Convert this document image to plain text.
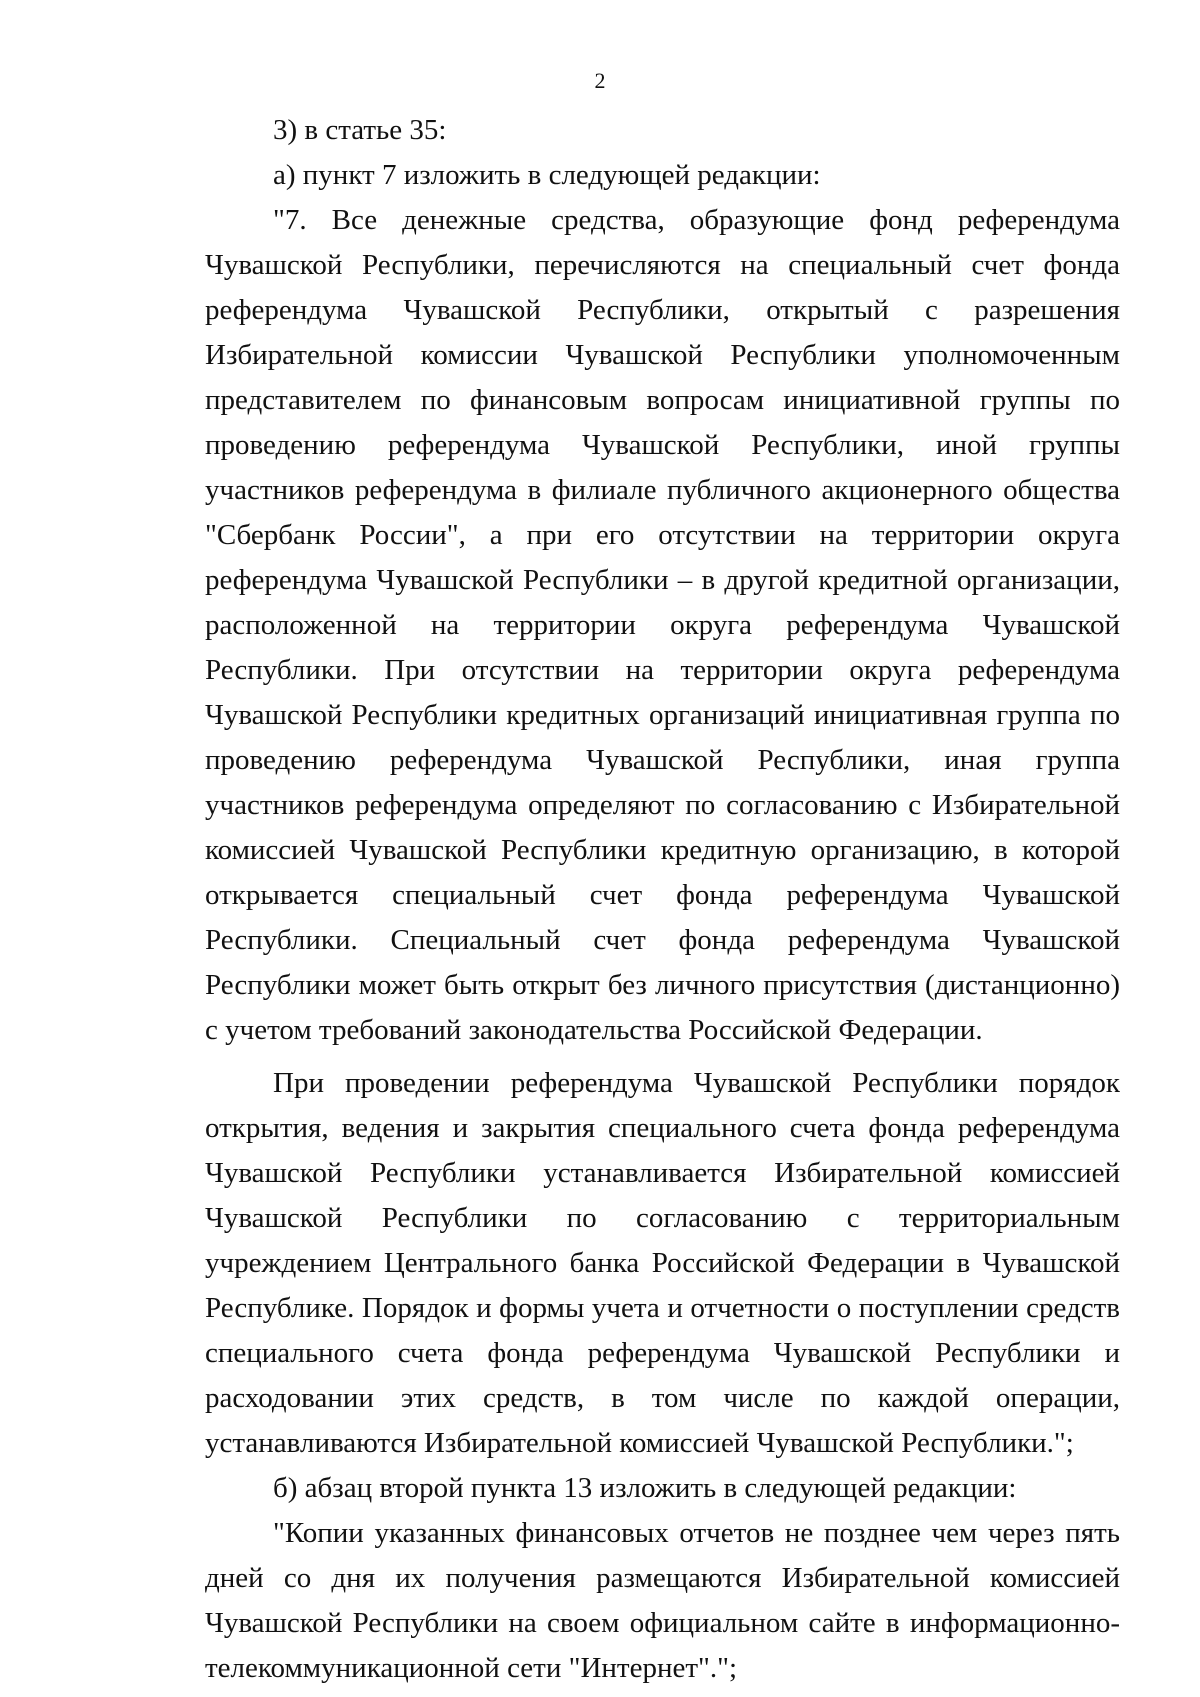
2

3) в статье 35:

а) пункт 7 изложить в следующей редакции:

"7. Все денежные средства, образующие фонд референдума Чувашской Республики, перечисляются на специальный счет фонда референдума Чувашской Республики, открытый с разрешения Избирательной комиссии Чувашской Республики уполномоченным представителем по финансовым вопросам инициативной группы по проведению референдума Чувашской Республики, иной группы участников референдума в филиале публичного акционерного общества "Сбербанк России", а при его отсутствии на территории округа референдума Чувашской Республики – в другой кредитной организации, расположенной на территории округа референдума Чувашской Республики. При отсутствии на территории округа референдума Чувашской Республики кредитных организаций инициативная группа по проведению референдума Чувашской Республики, иная группа участников референдума определяют по согласованию с Избирательной комиссией Чувашской Республики кредитную организацию, в которой открывается специальный счет фонда референдума Чувашской Республики. Специальный счет фонда референдума Чувашской Республики может быть открыт без личного присутствия (дистанционно) с учетом требований законодательства Российской Федерации.

При проведении референдума Чувашской Республики порядок открытия, ведения и закрытия специального счета фонда референдума Чувашской Республики устанавливается Избирательной комиссией Чувашской Республики по согласованию с территориальным учреждением Центрального банка Российской Федерации в Чувашской Республике. Порядок и формы учета и отчетности о поступлении средств специального счета фонда референдума Чувашской Республики и расходовании этих средств, в том числе по каждой операции, устанавливаются Избирательной комиссией Чувашской Республики.";

б) абзац второй пункта 13 изложить в следующей редакции:

"Копии указанных финансовых отчетов не позднее чем через пять дней со дня их получения размещаются Избирательной комиссией Чувашской Республики на своем официальном сайте в информационно-телекоммуникационной сети "Интернет".";
